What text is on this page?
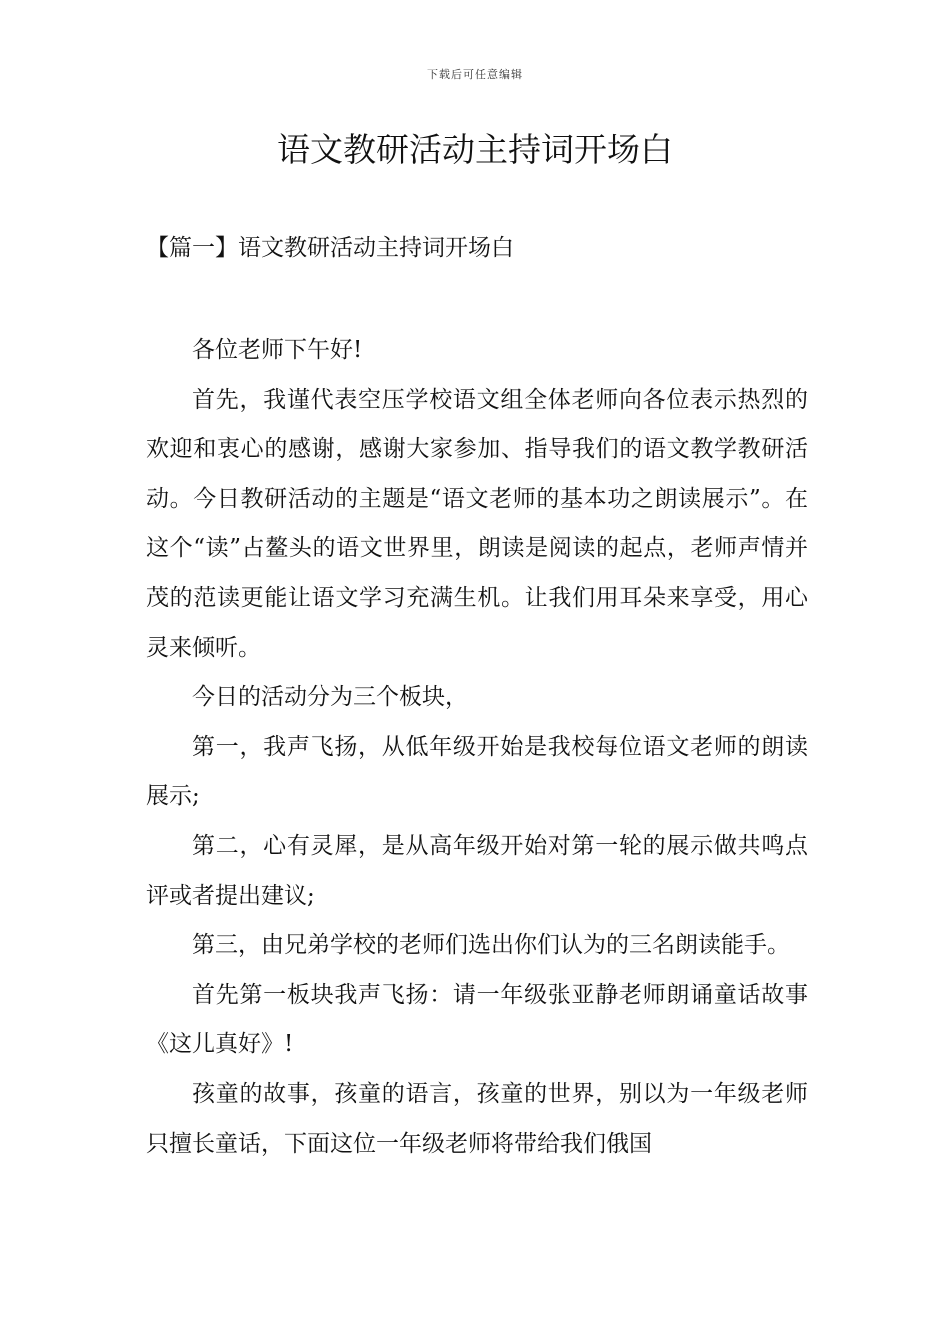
下载后可任意编辑
语文教研活动主持词开场白
【篇一】语文教研活动主持词开场白

各位老师下午好!

首先，我谨代表空压学校语文组全体老师向各位表示热烈的欢迎和衷心的感谢，感谢大家参加、指导我们的语文教学教研活动。今日教研活动的主题是“语文老师的基本功之朗读展示”。在这个“读”占鳌头的语文世界里，朗读是阅读的起点，老师声情并茂的范读更能让语文学习充满生机。让我们用耳朵来享受，用心灵来倾听。

今日的活动分为三个板块，

第一，我声飞扬，从低年级开始是我校每位语文老师的朗读展示;

第二，心有灵犀，是从高年级开始对第一轮的展示做共鸣点评或者提出建议;

第三，由兄弟学校的老师们选出你们认为的三名朗读能手。

首先第一板块我声飞扬：请一年级张亚静老师朗诵童话故事《这儿真好》!

孩童的故事，孩童的语言，孩童的世界，别以为一年级老师只擅长童话，下面这位一年级老师将带给我们俄国
